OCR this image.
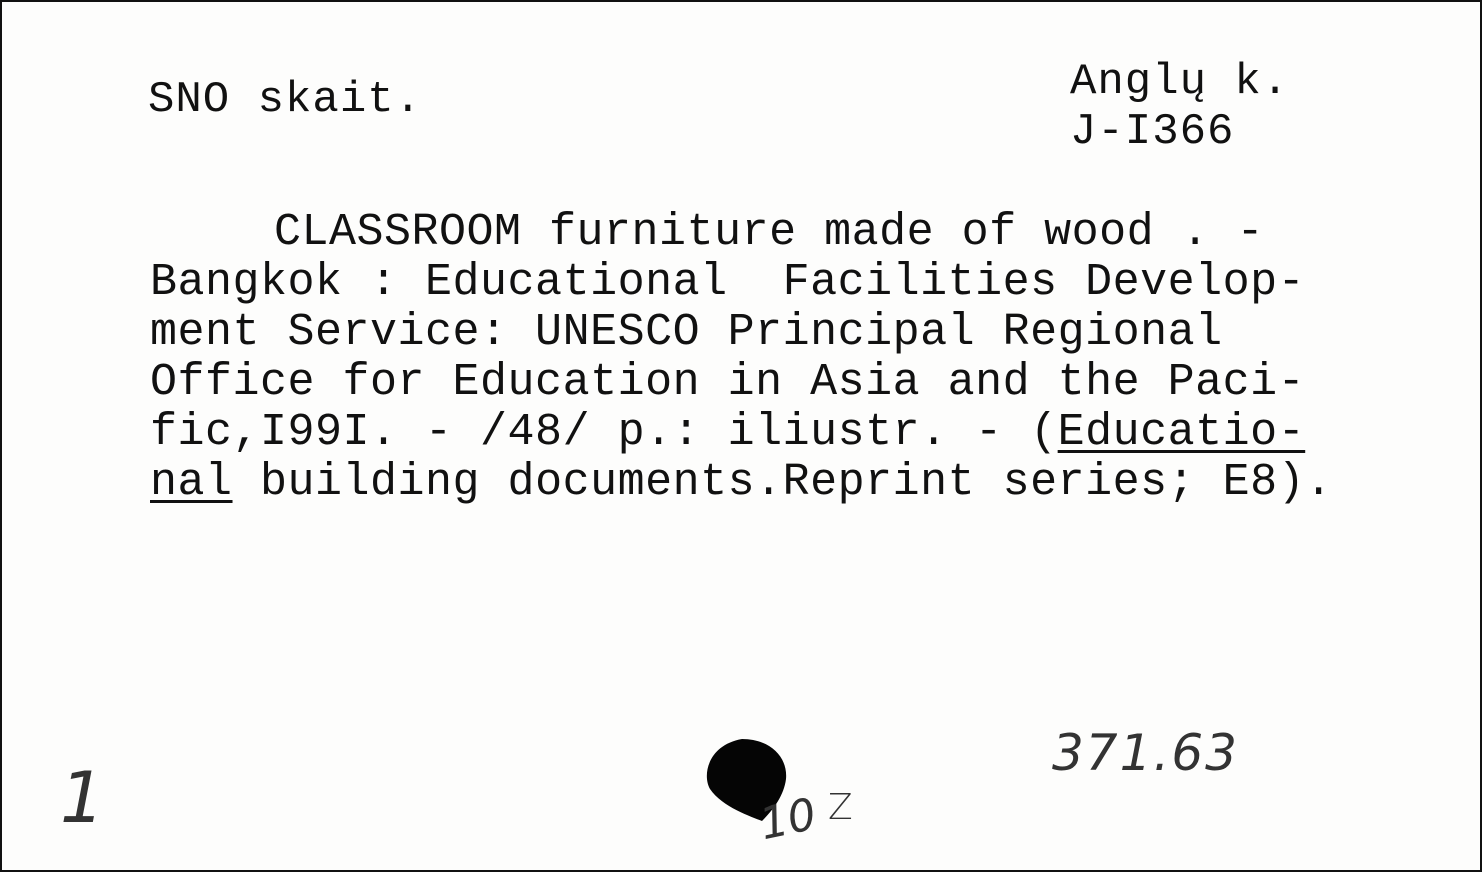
SNO skait.	Anglų k.
J-I366
CLASSROOM furniture made of wood . -
Bangkok : Educational  Facilities Develop-
ment Service: UNESCO Principal Regional
Office for Education in Asia and the Paci-
fic,I99I. - /48/ p.: iliustr. - (Educatio-
nal building documents.Reprint series; E8).
371.63
1	10 Z
